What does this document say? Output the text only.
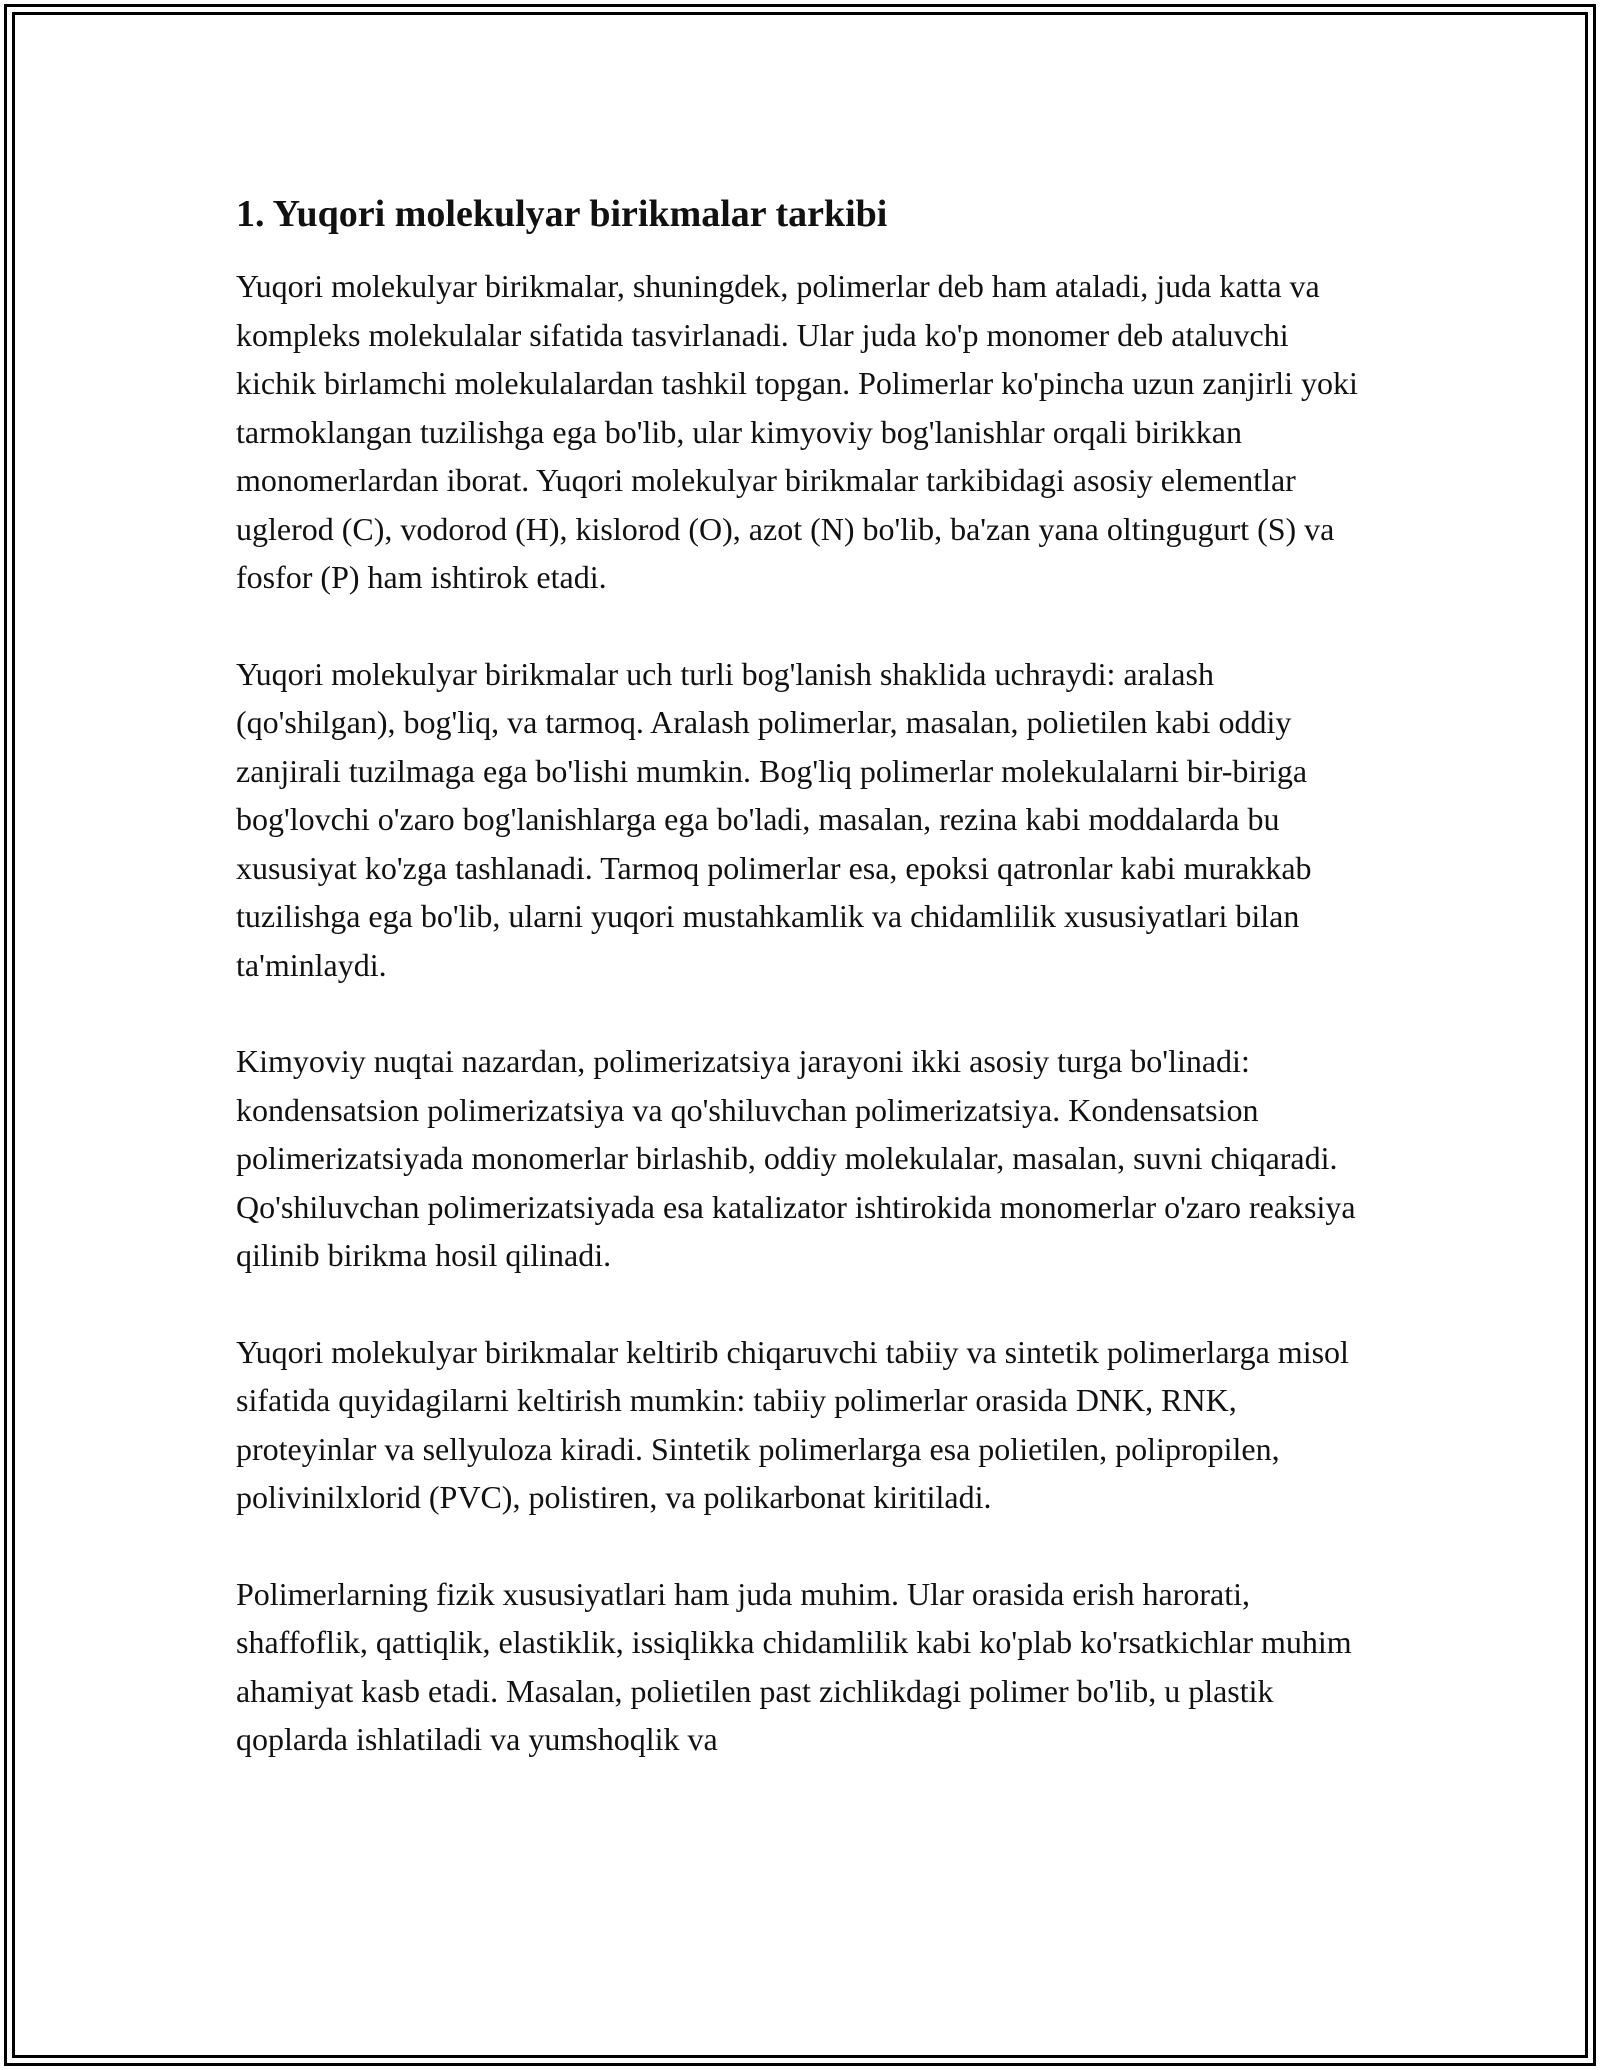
1. Yuqori molekulyar birikmalar tarkibi

Yuqori molekulyar birikmalar, shuningdek, polimerlar deb ham ataladi, juda katta va kompleks molekulalar sifatida tasvirlanadi. Ular juda ko'p monomer deb ataluvchi kichik birlamchi molekulalardan tashkil topgan. Polimerlar ko'pincha uzun zanjirli yoki tarmoklangan tuzilishga ega bo'lib, ular kimyoviy bog'lanishlar orqali birikkan monomerlardan iborat. Yuqori molekulyar birikmalar tarkibidagi asosiy elementlar uglerod (C), vodorod (H), kislorod (O), azot (N) bo'lib, ba'zan yana oltingugurt (S) va fosfor (P) ham ishtirok etadi.

Yuqori molekulyar birikmalar uch turli bog'lanish shaklida uchraydi: aralash (qo'shilgan), bog'liq, va tarmoq. Aralash polimerlar, masalan, polietilen kabi oddiy zanjirali tuzilmaga ega bo'lishi mumkin. Bog'liq polimerlar molekulalarni bir-biriga bog'lovchi o'zaro bog'lanishlarga ega bo'ladi, masalan, rezina kabi moddalarda bu xususiyat ko'zga tashlanadi. Tarmoq polimerlar esa, epoksi qatronlar kabi murakkab tuzilishga ega bo'lib, ularni yuqori mustahkamlik va chidamlilik xususiyatlari bilan ta'minlaydi.

Kimyoviy nuqtai nazardan, polimerizatsiya jarayoni ikki asosiy turga bo'linadi: kondensatsion polimerizatsiya va qo'shiluvchan polimerizatsiya. Kondensatsion polimerizatsiyada monomerlar birlashib, oddiy molekulalar, masalan, suvni chiqaradi. Qo'shiluvchan polimerizatsiyada esa katalizator ishtirokida monomerlar o'zaro reaksiya qilinib birikma hosil qilinadi.

Yuqori molekulyar birikmalar keltirib chiqaruvchi tabiiy va sintetik polimerlarga misol sifatida quyidagilarni keltirish mumkin: tabiiy polimerlar orasida DNK, RNK, proteyinlar va sellyuloza kiradi. Sintetik polimerlarga esa polietilen, polipropilen, polivinilxlorid (PVC), polistiren, va polikarbonat kiritiladi.

Polimerlarning fizik xususiyatlari ham juda muhim. Ular orasida erish harorati, shaffoflik, qattiqlik, elastiklik, issiqlikka chidamlilik kabi ko'plab ko'rsatkichlar muhim ahamiyat kasb etadi. Masalan, polietilen past zichlikdagi polimer bo'lib, u plastik qoplarda ishlatiladi va yumshoqlik va
